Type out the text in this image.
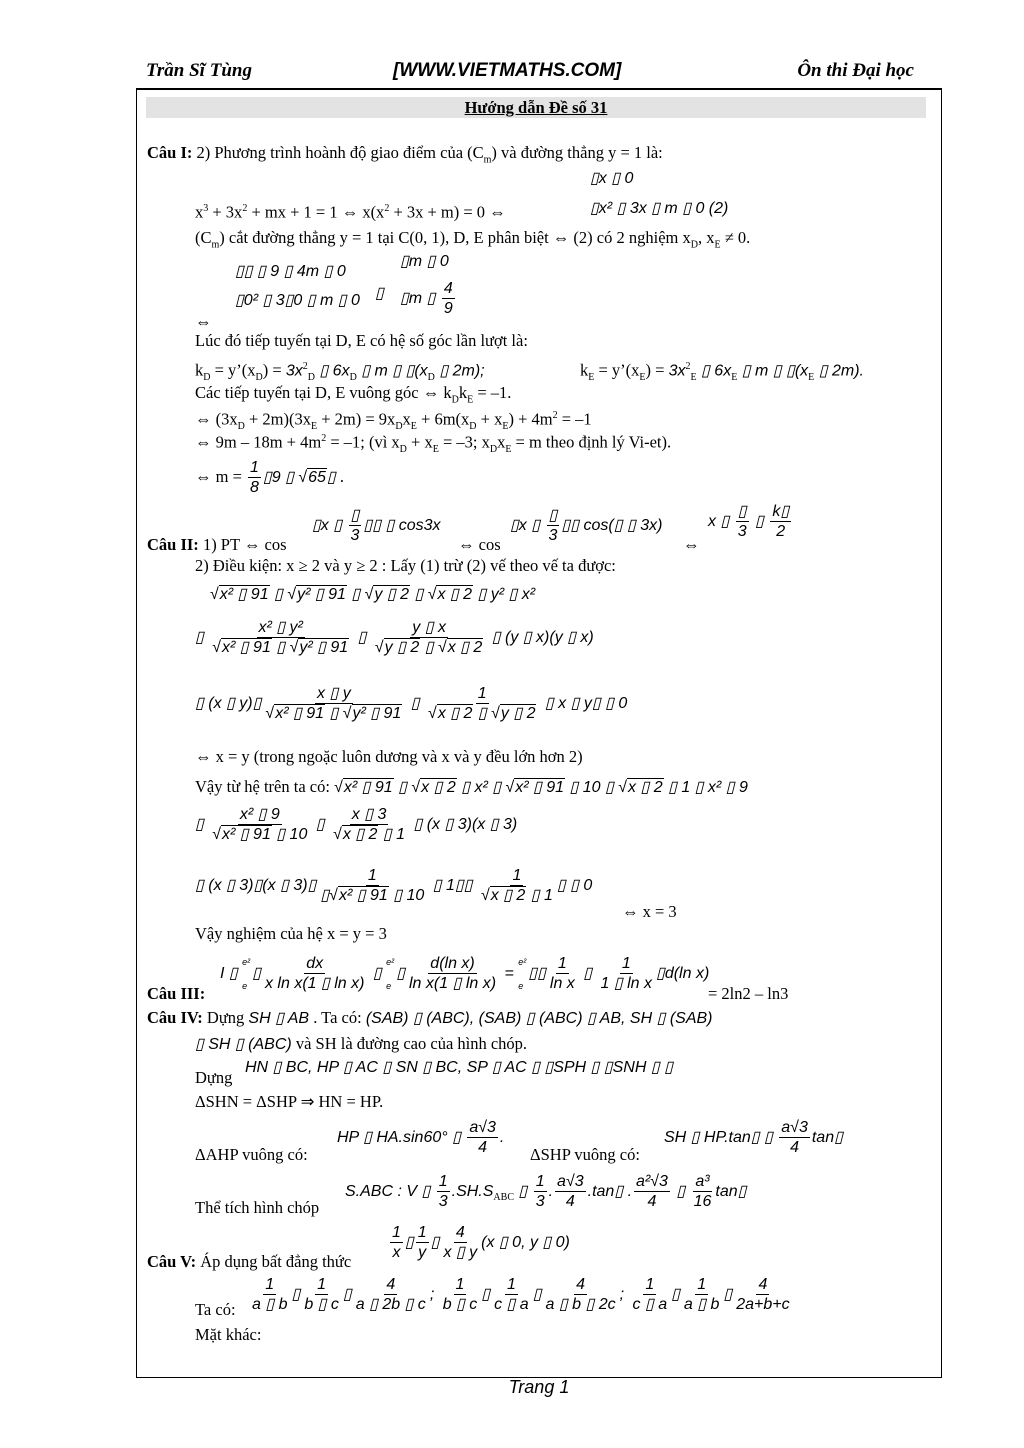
Trần Sĩ Tùng	[WWW.VIETMATHS.COM]	Ôn thi Đại học
Hướng dẫn Đề số 31
Câu I: 2) Phương trình hoành độ giao điểm của $(C_m)$ và đường thẳng y = 1 là:
▯x ▯ 0
$x^3 + 3x^2$ + mx + 1 = 1 ⇔ $x(x^2 + 3x + m) = 0$ ⇔	▯x² ▯ 3x ▯ m ▯ 0 (2)
$(C_m)$ cắt đường thẳng y = 1 tại C(0, 1), D, E phân biệt ⇔ (2) có 2 nghiệm $x_D$, $x_E \ne 0$.
▯▯ ▯ 9 ▯ 4m ▯ 0
▯0² ▯ 3▯0 ▯ m ▯ 0 ▯
▯m ▯ 0
▯m ▯ $\frac{4}{9}$
⇔
Lúc đó tiếp tuyến tại D, E có hệ số góc lần lượt là:
$k_D$ = $y’(x_D) = 3x^2_D$ ▯ $6x_D$ ▯ m ▯ $▯(x_D$ ▯ 2m);	$k_E$ = $y’(x_E) = 3x^2_E$ ▯ $6x_E$ ▯ m ▯ $▯(x_E$ ▯ 2m).
Các tiếp tuyến tại D, E vuông góc ⇔ $k_Dk_E = -1$.
⇔ $(3x_D + 2m)(3x_E + 2m) = 9x_Dx_E + 6m(x_D + x_E) + 4m^2 = -1$
⇔ $9m - 18m + 4m^2 = -1$; (vì $x_D + x_E = -3$; $x_Dx_E = m$ theo định lý Vi-et).
⇔ $m = \frac{1}{8}$ ▯9 ▯ √65▯ .
Câu II: 1) PT ⇔ cos
▯x ▯
▯
3
▯▯ ▯ cos3x
⇔ cos
▯x ▯
▯
3
▯▯ cos(▯ ▯ 3x)
⇔
x ▯
▯
3
▯ $\frac{k▯}{2}$
2) Điều kiện: x ≥ 2 và y ≥ 2 : Lấy (1) trừ (2) vế theo vế ta được:
√x² ▯ 91 ▯ √y² ▯ 91 ▯ √y ▯ 2 ▯ √x ▯ 2 ▯ y² ▯ x²
▯ $\frac{\text{x² ▯ y²}}{\text{√x² ▯ 91 ▯ √y² ▯ 91}}$ ▯ $\frac{y ▯ x}{√y ▯ 2 ▯ √x ▯ 2}$ ▯ (y ▯ x)(y ▯ x)
▯ (x ▯ y)▯ $\frac{x ▯ y}{\text{√x² ▯ 91 ▯ √y² ▯ 91}}$ ▯ $\frac{1}{√x ▯ 2 ▯ √y ▯ 2}$ ▯ x ▯ y▯ ▯ 0
⇔ x = y (trong ngoặc luôn dương và x và y đều lớn hơn 2)
Vậy từ hệ trên ta có: √x² ▯ 91 ▯ √x ▯ 2 ▯ x² ▯ √x² ▯ 91 ▯ 10 ▯ √x ▯ 2 ▯ 1 ▯ x² ▯ 9
▯ $\frac{\text{x² ▯ 9}}{\text{√x² ▯ 91 ▯ 10}}$ ▯ $\frac{x ▯ 3}{√x ▯ 2 ▯ 1}$ ▯ (x ▯ 3)(x ▯ 3)
▯ (x ▯ 3)▯(x ▯ 3)▯ $\frac{1}{\text{▯√x² ▯ 91 ▯ 10}}$ ▯ 1▯▯ $\frac{1}{√x ▯ 2 ▯ 1}$ ▯ ▯ 0
⇔ x = 3
Vậy nghiệm của hệ x = y = 3
Câu III:
I ▯
e²
e
▯ $\frac{dx}{\text{x ln x(1 ▯ ln x)}}$ ▯
e²
e
▯ $\frac{\text{d(ln x)}}{\text{ln x(1 ▯ ln x)}}$ =
e²
e
▯▯ $\frac{1}{\text{ln x}}$ ▯ $\frac{1}{\text{1 ▯ ln x}}$ ▯d(ln x)
= 2ln2 – ln3
Câu IV: Dựng SH ▯ AB . Ta có: (SAB) ▯ (ABC), (SAB) ▯ (ABC) ▯ AB, SH ▯ (SAB)
▯ SH ▯ (ABC) và SH là đường cao của hình chóp.
Dựng
HN ▯ BC, HP ▯ AC ▯ SN ▯ BC, SP ▯ AC ▯ ▯SPH ▯ ▯SNH ▯ ▯
ΔSHN = ΔSHP ⇒ HN = HP.
ΔAHP vuông có:
HP ▯ HA.sin60° ▯ $\frac{a√3}{4}$ .
ΔSHP vuông có:
SH ▯ HP.tan▯ ▯ $\frac{a√3}{4}$ tan▯
Thể tích hình chóp
S.ABC : V ▯ $\frac{1}{3} .SH.S_{ABC}$ ▯ $\frac{1}{3}$ . $\frac{a√3}{4}$ .tan▯ . $\frac{\text{a²√3}}{4}$ ▯ $\frac{\text{a³}}{16}$ tan▯
Câu V: Áp dụng bất đẳng thức $\frac{1}{x}$ ▯ $\frac{1}{y}$ ▯ $\frac{4}{x ▯ y} (x$ ▯ 0, y ▯ 0)
Ta có: $\frac{1}{a ▯ b}$ ▯ $\frac{1}{b ▯ c}$ ▯ $\frac{4}{a ▯ 2b ▯ c}$ ; $\frac{1}{b ▯ c}$ ▯ $\frac{1}{c ▯ a}$ ▯ $\frac{4}{a ▯ b ▯ 2c}$ ; $\frac{1}{c ▯ a}$ ▯ $\frac{1}{a ▯ b}$ ▯ $\frac{4}{2a+b+c}$
Mặt khác:
Trang 1
